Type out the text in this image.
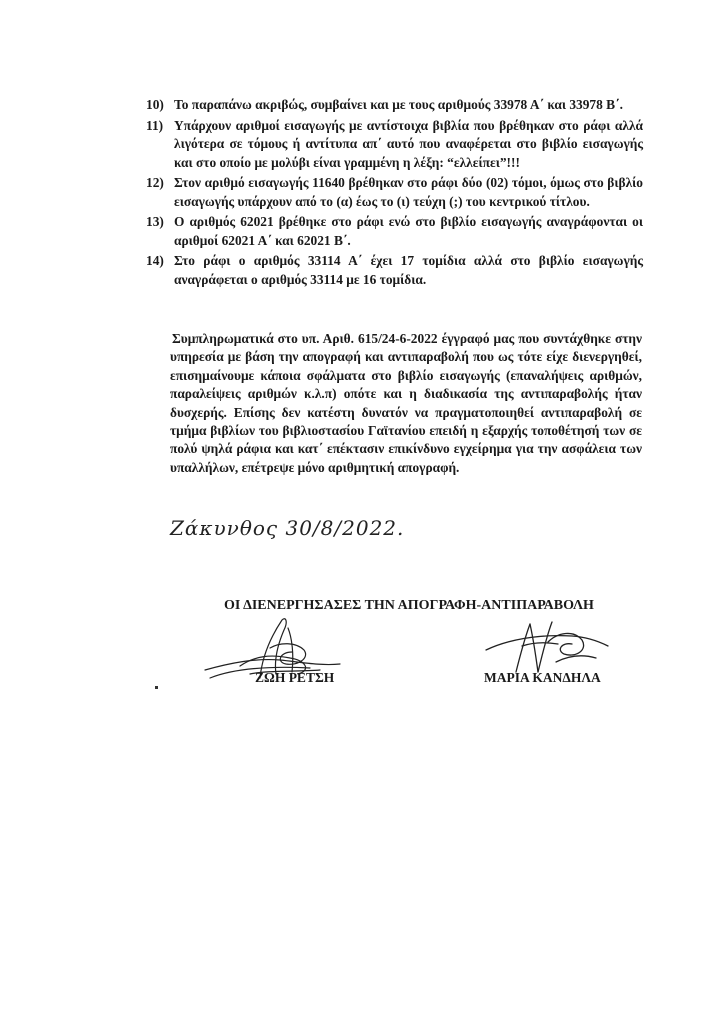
10) Το παραπάνω ακριβώς, συμβαίνει και με τους αριθμούς 33978 Α΄ και 33978 Β΄.
11) Υπάρχουν αριθμοί εισαγωγής με αντίστοιχα βιβλία που βρέθηκαν στο ράφι αλλά λιγότερα σε τόμους ή αντίτυπα απ΄ αυτό που αναφέρεται στο βιβλίο εισαγωγής και στο οποίο με μολύβι είναι γραμμένη η λέξη: “ελλείπει”!!!
12) Στον αριθμό εισαγωγής 11640 βρέθηκαν στο ράφι δύο (02) τόμοι, όμως στο βιβλίο εισαγωγής υπάρχουν από το (α) έως το (ι) τεύχη (;) του κεντρικού τίτλου.
13) Ο αριθμός 62021 βρέθηκε στο ράφι ενώ στο βιβλίο εισαγωγής αναγράφονται οι αριθμοί 62021 Α΄ και 62021 Β΄.
14) Στο ράφι ο αριθμός 33114 Α΄ έχει 17 τομίδια αλλά στο βιβλίο εισαγωγής αναγράφεται ο αριθμός 33114 με 16 τομίδια.
Συμπληρωματικά στο υπ. Αριθ. 615/24-6-2022 έγγραφό μας που συντάχθηκε στην υπηρεσία με βάση την απογραφή και αντιπαραβολή που ως τότε είχε διενεργηθεί, επισημαίνουμε κάποια σφάλματα στο βιβλίο εισαγωγής (επαναλήψεις αριθμών, παραλείψεις αριθμών κ.λ.π) οπότε και η διαδικασία της αντιπαραβολής ήταν δυσχερής. Επίσης δεν κατέστη δυνατόν να πραγματοποιηθεί αντιπαραβολή σε τμήμα βιβλίων του βιβλιοστασίου Γαϊτανίου επειδή η εξαρχής τοποθέτησή των σε πολύ ψηλά ράφια και κατ΄ επέκτασιν επικίνδυνο εγχείρημα για την ασφάλεια των υπαλλήλων, επέτρεψε μόνο αριθμητική απογραφή.
Ζάκυνθος 30/8/2022.
ΟΙ ΔΙΕΝΕΡΓΗΣΑΣΕΣ ΤΗΝ ΑΠΟΓΡΑΦΗ-ΑΝΤΙΠΑΡΑΒΟΛΗ
ΖΩΗ ΡΕΤΣΗ	ΜΑΡΙΑ ΚΑΝΔΗΛΑ
